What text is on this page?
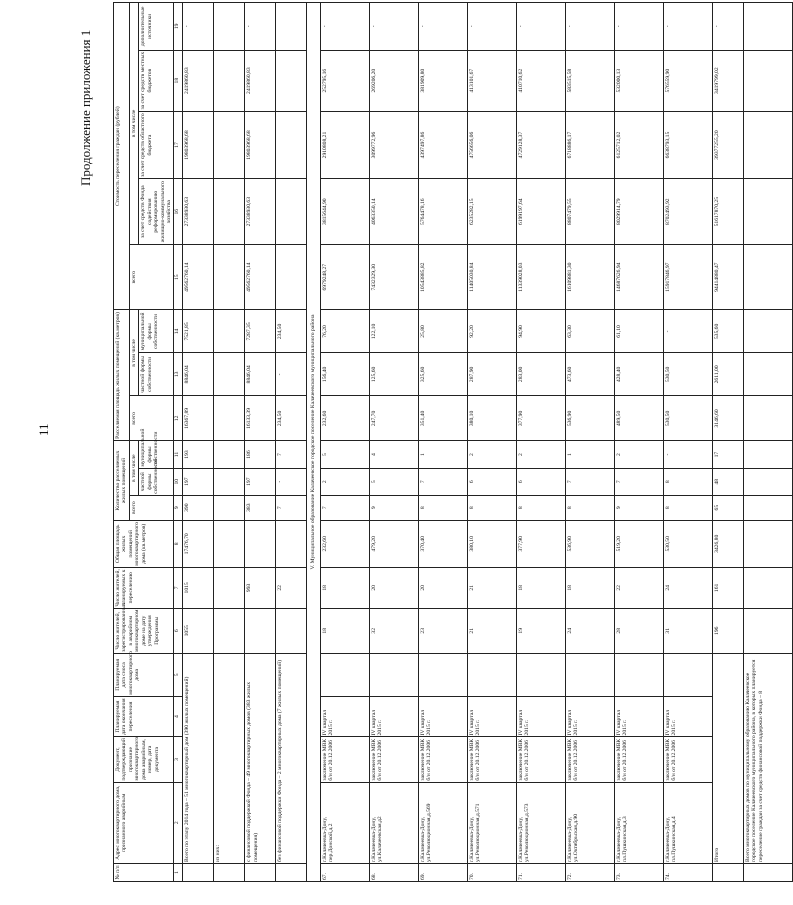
11
Продолжение приложения 1
№ п/п	Адрес многоквартирного дома, признанного аварийным	Документ, подтверждающий признание многоквартирного дома аварийным, номер, дата документа	Планируемая дата окончания переселения	Планируемая дата сноса многоквартирного дома	Число жителей, зарегистрированных в аварийном многоквартирном доме на дату утверждения Программы	Число жителей, планируемых к переселению	Общая площадь жилых помещений многоквартирного дома (кв.метров)	Количество расселяемых жилых помещений			Расселяемая площадь жилых помещений (кв.метров)			Стоимость переселения граждан (рублей)				
								всего	в том числе		всего	в том числе		всего	в том числе			
									частной формы собственности	муниципальной формы собственности		частной формы собственности	муниципальной формы собственности		за счет средств Фонда содействия реформированию жилищно-коммунального хозяйства	за счет средств областного бюджета	за счет средств местных бюджетов	дополнительные источники
1	2	3	4	5	6	7	8	9	10	11	12	13	14	15	16	17	18	19
	Всего по этапу 2014 года – 51 многоквартирный дом (390 жилых помещений)				1055	1015	17476,70	390	197	193	16367,89	8846,04	7521,85	49562760,14	27338930,63	19803968,68	2419860,83	-
	из них:																	
	с финансовой поддержкой Фонда – 49 многоквартирных домов (383 жилых помещения)					993		383	197	186	16133,39	8846,04	7287,35	49562760,14	27338930,63	19803968,68	2419860,83	-
	без финансовой поддержки Фонда – 2 многоквартирных дома (7 жилых помещений)					22		7	-	7	234,50	-	234,50					
V. Муниципальное образование Калачеевское городское поселение Калачеевского муниципального района																		
67.	г.Калачеевка-Дону, пер.Донской,д.2	заключение МВК б/н от 20.12.2006	IV квартал 2015 г.		18	18	232,60	7	2	5	232,60	156,40	76,20	6979248,27	3815644,90	2910808,21	252795,16	-
68.	г.Калачеевка-Дону, ул.Калачеевская,д2	заключение МВК б/н от 20.12.2006	IV квартал 2015 г.		32	20	479,20	9	5	4	247,70	125,60	122,10	7432329,30	4063350,14	3099772,96	269206,20	-
69.	г.Калачеевка-Дону, ул.Революционная,д.569	заключение МВК б/н от 20.12.2006	IV квартал 2015 г.		23	20	370,40	8	7	1	351,40	325,60	25,80	10543885,82	5764478,16	4397497,86	381909,80	-
70.	г.Калачеевка-Дону, ул.Революционная,д.571	заключение МВК б/н от 20.12.2006	IV квартал 2015 г.		21	21	380,10	8	6	2	380,10	287,90	92,20	11405030,84	6235282,15	4756656,06	413101,67	-
71.	г.Калачеевка-Дону, ул.Революционная,д.573	заключение МВК б/н от 20.12.2006	IV квартал 2015 г.		19	18	377,90	8	6	2	377,90	283,00	94,90	11339028,03	6199197,64	4729128,37	410710,62	-
72.	г.Калачеевка-Дону, ул.Октябрьская,д.90	заключение МВК б/н от 20.12.2006	IV квартал 2015 г.		24	18	536,90	8	7	1	536,90	473,60	63,30	16109881,30	8807479,55	6718886,17	583515,58	-
73.	г.Калачеевка-Дону, пл.Пушкинская,д.3	заключение МВК б/н от 20.12.2006	IV квартал 2015 г.		28	22	519,20	9	7	2	489,50	428,40	61,10	14687626,94	8029914,79	6125712,02	532000,13	-
74.	г.Калачеевка-Дону, пл.Пушкинская,д.4	заключение МВК б/н от 20.12.2006	IV квартал 2015 г.		31	24	530,50	8	8	-	530,50	530,50	-	15917846,97	8702493,92	6638793,15	576559,90	-
	Итого				196	161	3426,80	65	48	17	3146,60	2611,00	535,60	94414880,47	51617870,25	39377255,20	3419799,02	-
	Всего многоквартирных домов по муниципальному образованию Калачеевское городское поселение Калачеевского муниципального района, в которых планируется переселение граждан за счет средств финансовой поддержки Фонда – 8																	
